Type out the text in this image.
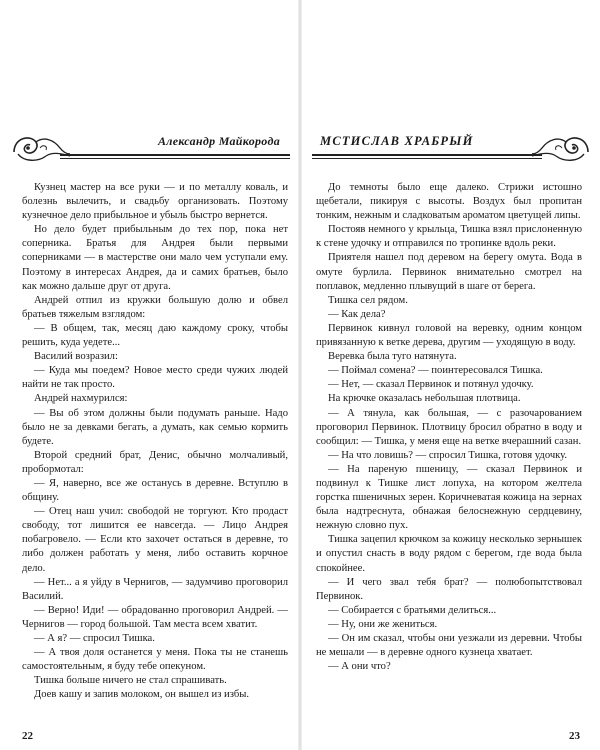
Александр Майкорода

Кузнец мастер на все руки — и по металлу коваль, и болезнь вылечить, и свадьбу организовать. Поэтому кузнечное дело прибыльное и убыль быстро вернется.

Но дело будет прибыльным до тех пор, пока нет соперника. Братья для Андрея были первыми соперниками — в мастерстве они мало чем уступали ему. Поэтому в интересах Андрея, да и самих братьев, было как можно дальше друг от друга.

Андрей отпил из кружки большую долю и обвел братьев тяжелым взглядом:

— В общем, так, месяц даю каждому сроку, чтобы решить, куда уедете...

Василий возразил:

— Куда мы поедем? Новое место среди чужих людей найти не так просто.

Андрей нахмурился:

— Вы об этом должны были подумать раньше. Надо было не за девками бегать, а думать, как семью кормить будете.

Второй средний брат, Денис, обычно молчаливый, пробормотал:

— Я, наверно, все же останусь в деревне. Вступлю в общину.

— Отец наш учил: свободой не торгуют. Кто продаст свободу, тот лишится ее навсегда. — Лицо Андрея побагровело. — Если кто захочет остаться в деревне, то либо должен работать у меня, либо оставить корчное дело.

— Нет... а я уйду в Чернигов, — задумчиво проговорил Василий.

— Верно! Иди! — обрадованно проговорил Андрей. — Чернигов — город большой. Там места всем хватит.

— А я? — спросил Тишка.

— А твоя доля останется у меня. Пока ты не станешь самостоятельным, я буду тебе опекуном.

Тишка больше ничего не стал спрашивать.

Доев кашу и запив молоком, он вышел из избы.

22
МСТИСЛАВ ХРАБРЫЙ

До темноты было еще далеко. Стрижи истошно щебетали, пикируя с высоты. Воздух был пропитан тонким, нежным и сладковатым ароматом цветущей липы.

Постояв немного у крыльца, Тишка взял прислоненную к стене удочку и отправился по тропинке вдоль реки.

Приятеля нашел под деревом на берегу омута. Вода в омуте бурлила. Первинок внимательно смотрел на поплавок, медленно плывущий в шаге от берега.

Тишка сел рядом.

— Как дела?

Первинок кивнул головой на веревку, одним концом привязанную к ветке дерева, другим — уходящую в воду.

Веревка была туго натянута.

— Поймал сомена? — поинтересовался Тишка.

— Нет, — сказал Первинок и потянул удочку.

На крючке оказалась небольшая плотвица.

— А тянула, как большая, — с разочарованием проговорил Первинок. Плотвицу бросил обратно в воду и сообщил: — Тишка, у меня еще на ветке вчерашний сазан.

— На что ловишь? — спросил Тишка, готовя удочку.

— На пареную пшеницу, — сказал Первинок и подвинул к Тишке лист лопуха, на котором желтела горстка пшеничных зерен. Коричневатая кожица на зернах была надтреснута, обнажая белоснежную сердцевину, нежную словно пух.

Тишка зацепил крючком за кожицу несколько зернышек и опустил снасть в воду рядом с берегом, где вода была спокойнее.

— И чего звал тебя брат? — полюбопытствовал Первинок.

— Собирается с братьями делиться...

— Ну, они же жениться.

— Он им сказал, чтобы они уезжали из деревни. Чтобы не мешали — в деревне одного кузнеца хватает.

— А они что?

23
